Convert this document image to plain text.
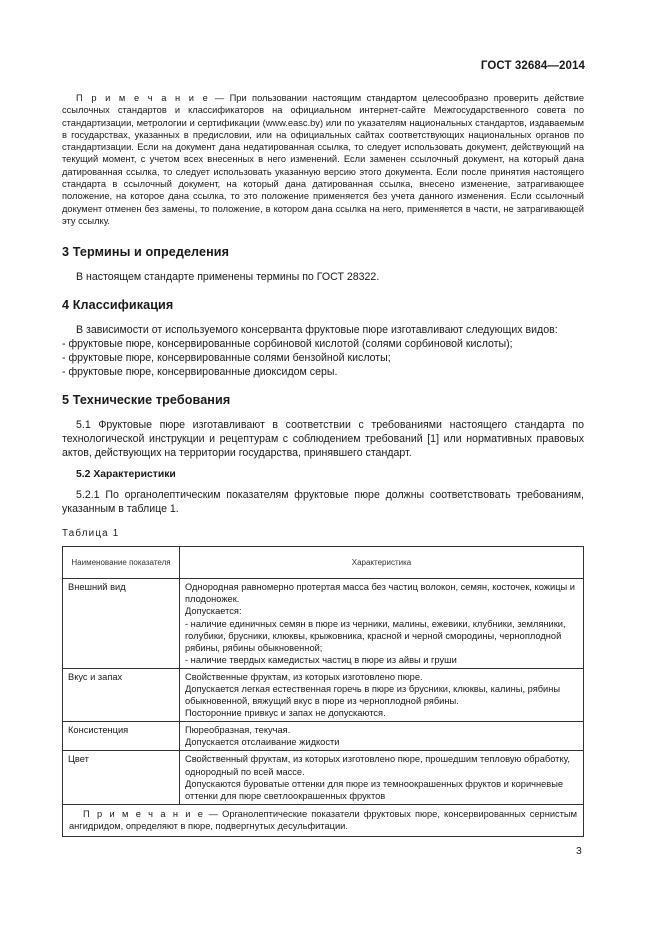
ГОСТ 32684—2014

П р и м е ч а н и е — При пользовании настоящим стандартом целесообразно проверить действие ссылочных стандартов и классификаторов на официальном интернет-сайте Межгосударственного совета по стандартизации, метрологии и сертификации (www.easc.by) или по указателям национальных стандартов, издаваемым в государствах, указанных в предисловии, или на официальных сайтах соответствующих национальных органов по стандартизации. Если на документ дана недатированная ссылка, то следует использовать документ, действующий на текущий момент, с учетом всех внесенных в него изменений. Если заменен ссылочный документ, на который дана датированная ссылка, то следует использовать указанную версию этого документа. Если после принятия настоящего стандарта в ссылочный документ, на который дана датированная ссылка, внесено изменение, затрагивающее положение, на которое дана ссылка, то это положение применяется без учета данного изменения. Если ссылочный документ отменен без замены, то положение, в котором дана ссылка на него, применяется в части, не затрагивающей эту ссылку.

3 Термины и определения

В настоящем стандарте применены термины по ГОСТ 28322.

4 Классификация

В зависимости от используемого консерванта фруктовые пюре изготавливают следующих видов:

- фруктовые пюре, консервированные сорбиновой кислотой (солями сорбиновой кислоты);
- фруктовые пюре, консервированные солями бензойной кислоты;
- фруктовые пюре, консервированные диоксидом серы.
5 Технические требования

5.1 Фруктовые пюре изготавливают в соответствии с требованиями настоящего стандарта по технологической инструкции и рецептурам с соблюдением требований [1] или нормативных правовых актов, действующих на территории государства, принявшего стандарт.

5.2 Характеристики

5.2.1 По органолептическим показателям фруктовые пюре должны соответствовать требованиям, указанным в таблице 1.

Таблица 1

Наименование показателя	Характеристика
Внешний вид	Однородная равномерно протертая масса без частиц волокон, семян, косточек, кожицы и плодоножек.
Допускается:
- наличие единичных семян в пюре из черники, малины, ежевики, клубники, земляники, голубики, брусники, клюквы, крыжовника, красной и черной смородины, черноплодной рябины, рябины обыкновенной;
- наличие твердых камедистых частиц в пюре из айвы и груши

Вкус и запах	Свойственные фруктам, из которых изготовлено пюре.
Допускается легкая естественная горечь в пюре из брусники, клюквы, калины, рябины обыкновенной, вяжущий вкус в пюре из черноплодной рябины.
Посторонние привкус и запах не допускаются.

Консистенция	Пюреобразная, текучая.
Допускается отслаивание жидкости

Цвет	Свойственный фруктам, из которых изготовлено пюре, прошедшим тепловую обработку, однородный по всей массе.
Допускаются буроватые оттенки для пюре из темноокрашенных фруктов и коричневые оттенки для пюре светлоокрашенных фруктов

П р и м е ч а н и е — Органолептические показатели фруктовых пюре, консервированных сернистым ангидридом, определяют в пюре, подвергнутых десульфитации.	
3
